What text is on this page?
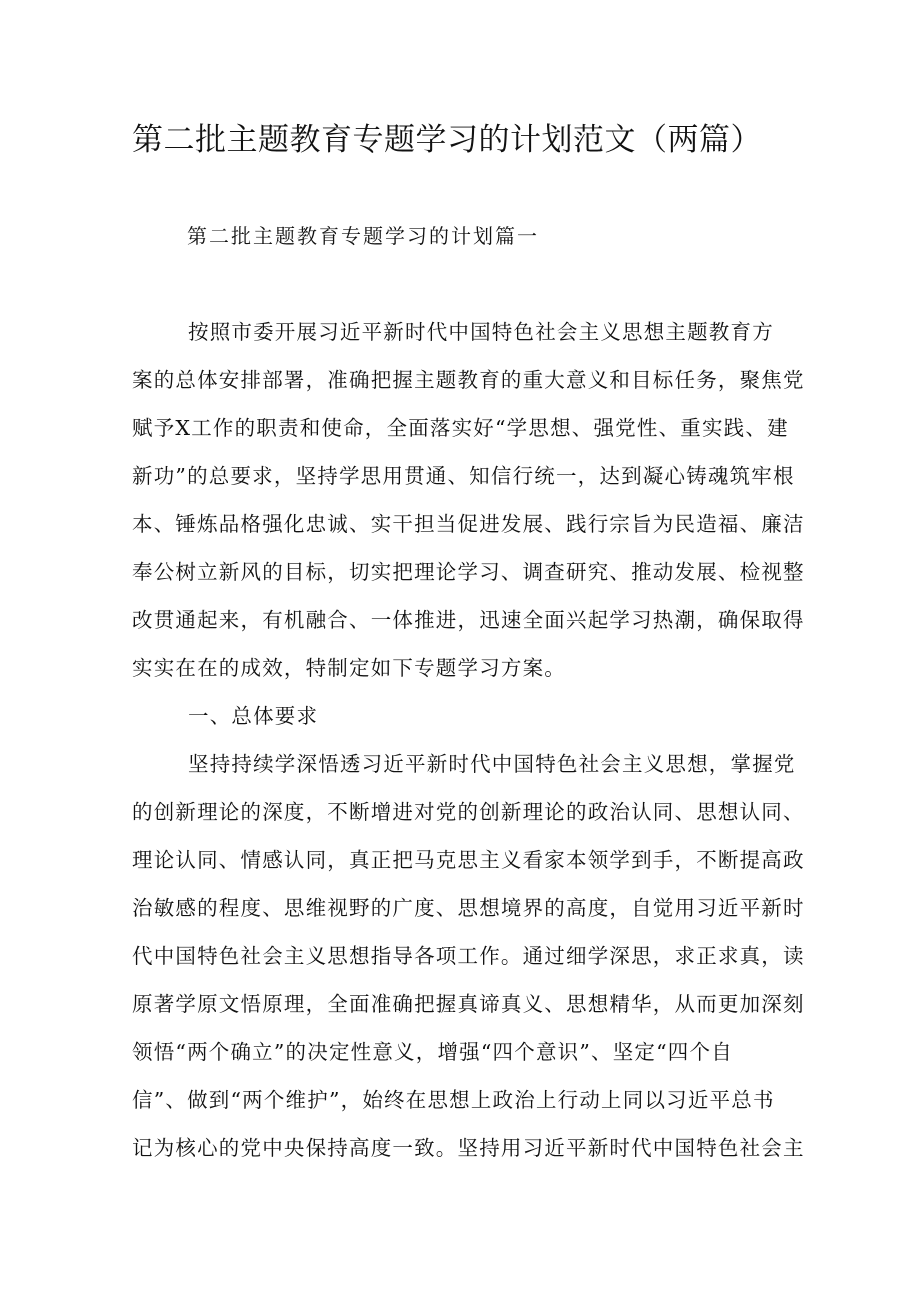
第二批主题教育专题学习的计划范文（两篇）
第二批主题教育专题学习的计划篇一
按照市委开展习近平新时代中国特色社会主义思想主题教育方
案的总体安排部署，准确把握主题教育的重大意义和目标任务，聚焦党
赋予X工作的职责和使命，全面落实好“学思想、强党性、重实践、建
新功”的总要求，坚持学思用贯通、知信行统一，达到凝心铸魂筑牢根
本、锤炼品格强化忠诚、实干担当促进发展、践行宗旨为民造福、廉洁
奉公树立新风的目标，切实把理论学习、调查研究、推动发展、检视整
改贯通起来，有机融合、一体推进，迅速全面兴起学习热潮，确保取得
实实在在的成效，特制定如下专题学习方案。
一、总体要求
坚持持续学深悟透习近平新时代中国特色社会主义思想，掌握党
的创新理论的深度，不断增进对党的创新理论的政治认同、思想认同、
理论认同、情感认同，真正把马克思主义看家本领学到手，不断提高政
治敏感的程度、思维视野的广度、思想境界的高度，自觉用习近平新时
代中国特色社会主义思想指导各项工作。通过细学深思，求正求真，读
原著学原文悟原理，全面准确把握真谛真义、思想精华，从而更加深刻
领悟“两个确立”的决定性意义，增强“四个意识”、坚定“四个自
信”、做到“两个维护”，始终在思想上政治上行动上同以习近平总书
记为核心的党中央保持高度一致。坚持用习近平新时代中国特色社会主
